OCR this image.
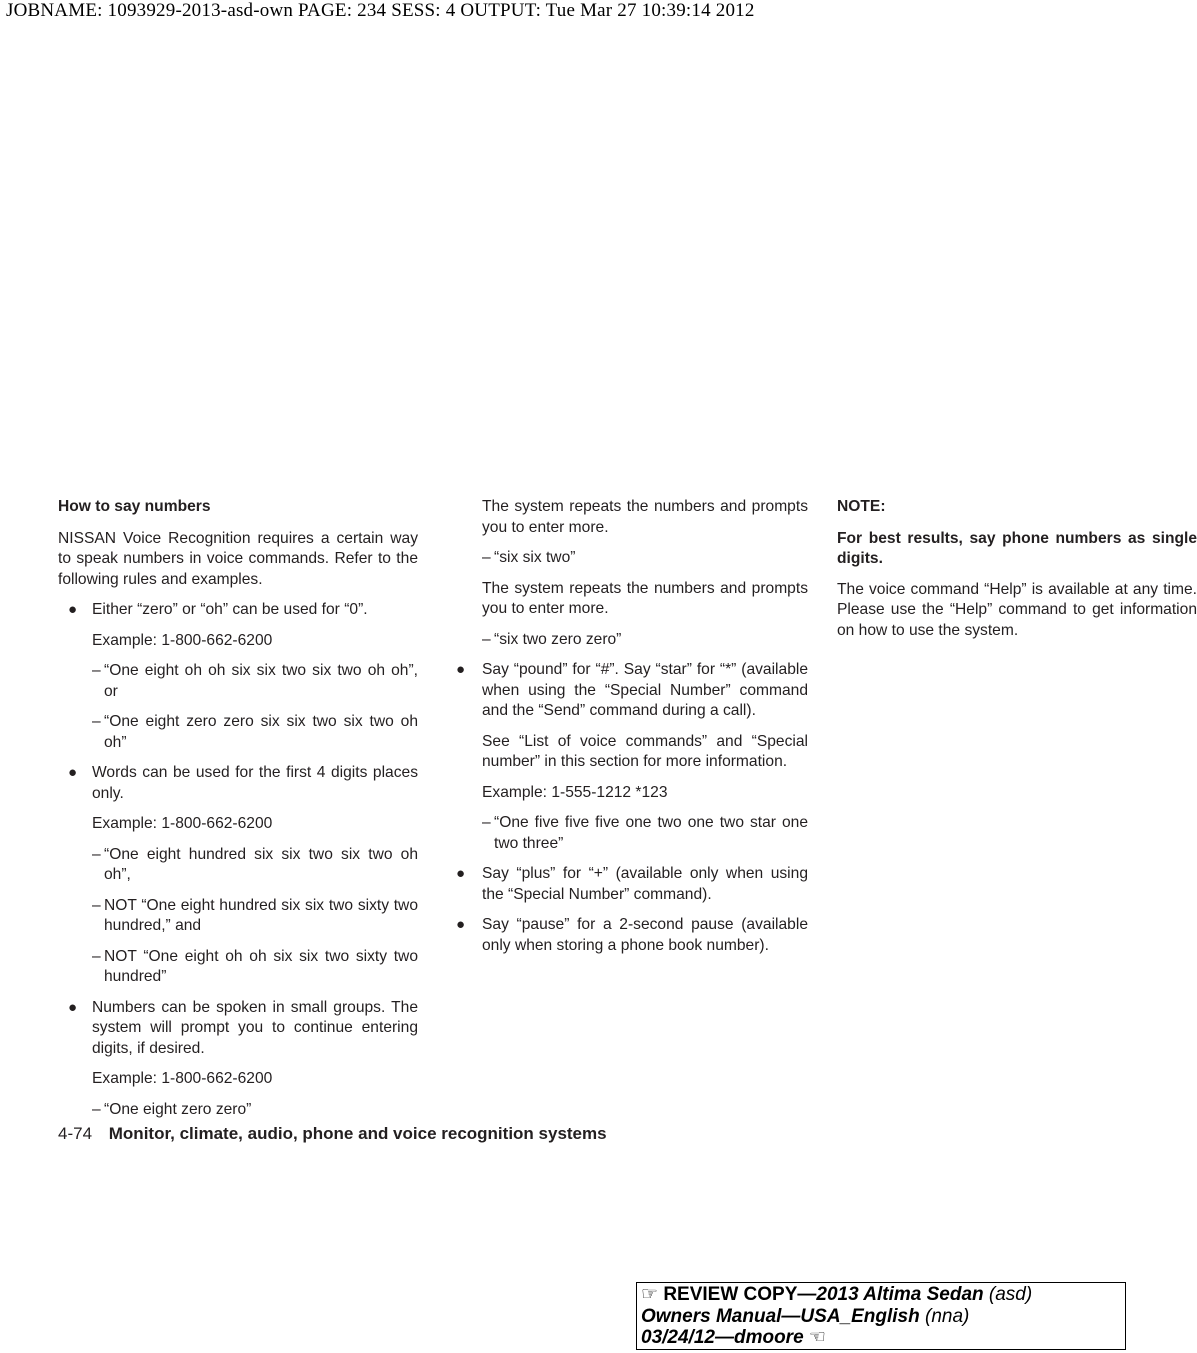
JOBNAME: 1093929-2013-asd-own PAGE: 234 SESS: 4 OUTPUT: Tue Mar 27 10:39:14 2012
How to say numbers
NISSAN Voice Recognition requires a certain way to speak numbers in voice commands. Refer to the following rules and examples.
● Either “zero” or “oh” can be used for “0”.
Example: 1-800-662-6200
– “One eight oh oh six six two six two oh oh”, or
– “One eight zero zero six six two six two oh oh”
● Words can be used for the first 4 digits places only.
Example: 1-800-662-6200
– “One eight hundred six six two six two oh oh”,
– NOT “One eight hundred six six two sixty two hundred,” and
– NOT “One eight oh oh six six two sixty two hundred”
● Numbers can be spoken in small groups. The system will prompt you to continue entering digits, if desired.
Example: 1-800-662-6200
– “One eight zero zero”
The system repeats the numbers and prompts you to enter more.
– “six six two”
The system repeats the numbers and prompts you to enter more.
– “six two zero zero”
● Say “pound” for “#”. Say “star” for “*” (available when using the “Special Number” command and the “Send” command during a call).
See “List of voice commands” and “Special number” in this section for more information.
Example: 1-555-1212 *123
– “One five five five one two one two star one two three”
● Say “plus” for “+” (available only when using the “Special Number” command).
● Say “pause” for a 2-second pause (available only when storing a phone book number).
NOTE:
For best results, say phone numbers as single digits.
The voice command “Help” is available at any time. Please use the “Help” command to get information on how to use the system.
4-74 Monitor, climate, audio, phone and voice recognition systems
☞ REVIEW COPY—2013 Altima Sedan (asd)
Owners Manual—USA_English (nna)
03/24/12—dmoore ☜
